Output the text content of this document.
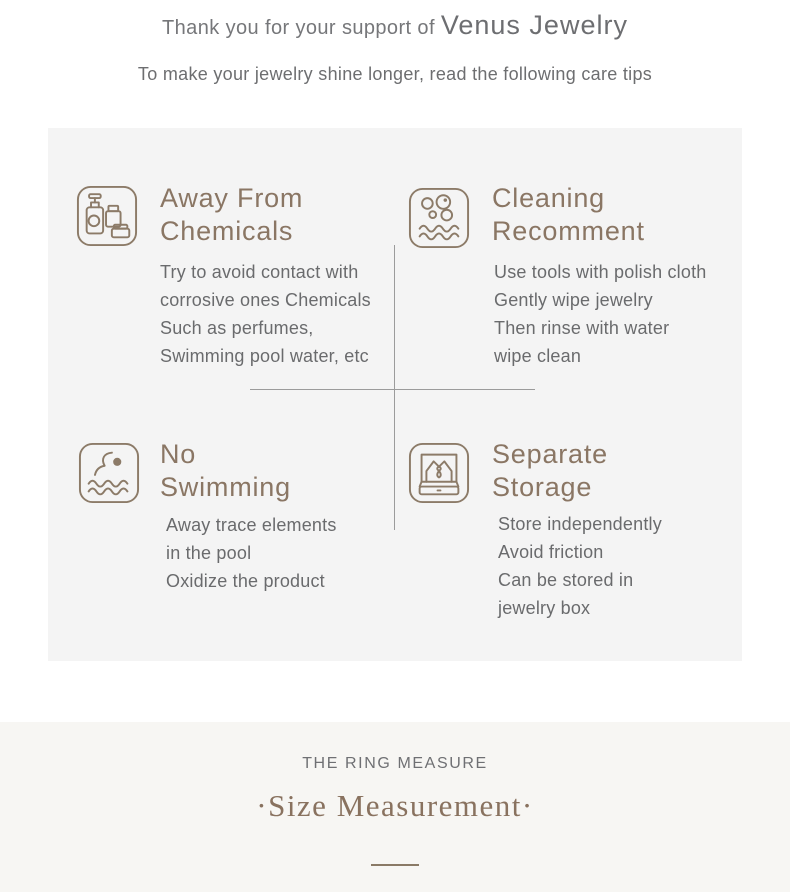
Thank you for your support of Venus Jewelry
To make your jewelry shine longer, read the following care tips
Away From
Chemicals
Try to avoid contact with
corrosive ones Chemicals
Such as perfumes,
Swimming pool water, etc
Cleaning
Recomment
Use tools with polish cloth
Gently wipe jewelry
Then rinse with water
wipe clean
No
Swimming
Away trace elements
in the pool
Oxidize the product
Separate
Storage
Store independently
Avoid friction
Can be stored in
jewelry box
THE RING MEASURE
·Size Measurement·
